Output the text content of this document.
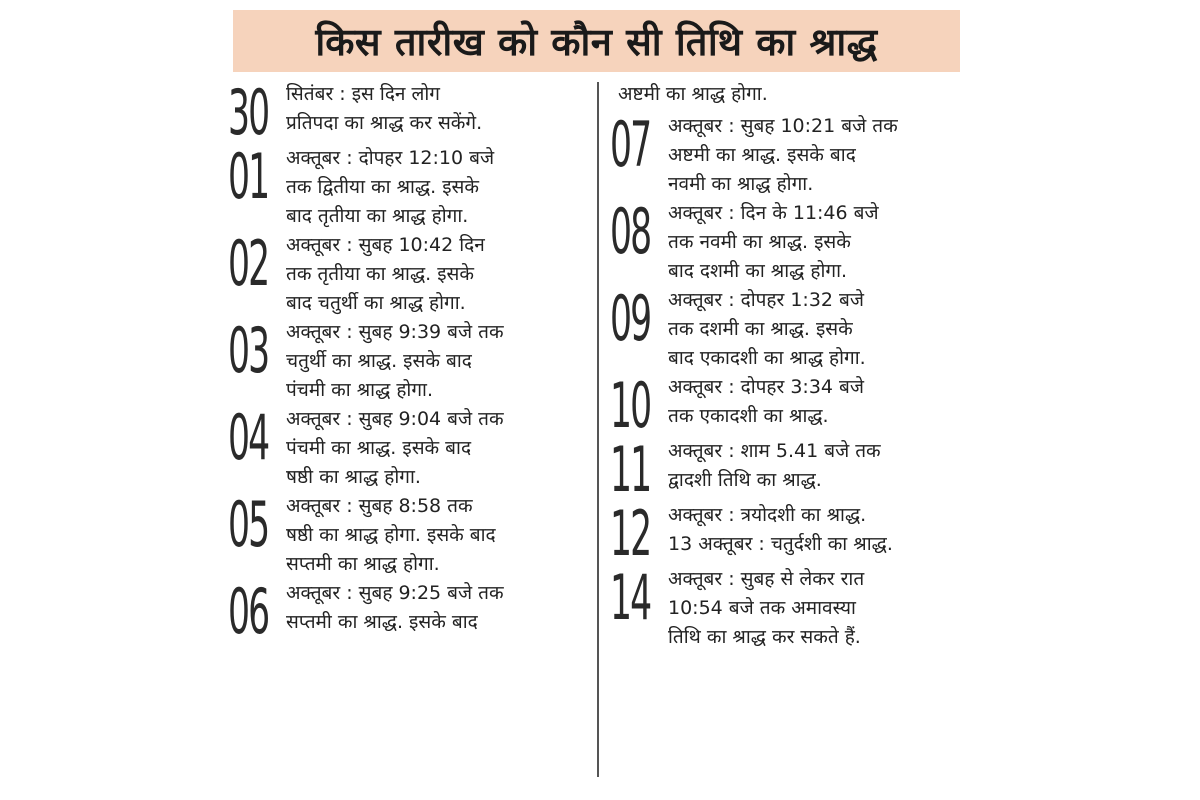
किस तारीख को कौन सी तिथि का श्राद्ध
30 सितंबर : इस दिन लोग
प्रतिपदा का श्राद्ध कर सकेंगे.
01 अक्तूबर : दोपहर 12:10 बजे
तक द्वितीया का श्राद्ध. इसके
बाद तृतीया का श्राद्ध होगा.
02 अक्तूबर : सुबह 10:42 दिन
तक तृतीया का श्राद्ध. इसके
बाद चतुर्थी का श्राद्ध होगा.
03 अक्तूबर : सुबह 9:39 बजे तक
चतुर्थी का श्राद्ध. इसके बाद
पंचमी का श्राद्ध होगा.
04 अक्तूबर : सुबह 9:04 बजे तक
पंचमी का श्राद्ध. इसके बाद
षष्ठी का श्राद्ध होगा.
05 अक्तूबर : सुबह 8:58 तक
षष्ठी का श्राद्ध होगा. इसके बाद
सप्तमी का श्राद्ध होगा.
06 अक्तूबर : सुबह 9:25 बजे तक
सप्तमी का श्राद्ध. इसके बाद
अष्टमी का श्राद्ध होगा.
07 अक्तूबर : सुबह 10:21 बजे तक
अष्टमी का श्राद्ध. इसके बाद
नवमी का श्राद्ध होगा.
08 अक्तूबर : दिन के 11:46 बजे
तक नवमी का श्राद्ध. इसके
बाद दशमी का श्राद्ध होगा.
09 अक्तूबर : दोपहर 1:32 बजे
तक दशमी का श्राद्ध. इसके
बाद एकादशी का श्राद्ध होगा.
10 अक्तूबर : दोपहर 3:34 बजे
तक एकादशी का श्राद्ध.
11 अक्तूबर : शाम 5.41 बजे तक
द्वादशी तिथि का श्राद्ध.
12 अक्तूबर : त्रयोदशी का श्राद्ध.
13 अक्तूबर : चतुर्दशी का श्राद्ध.
14 अक्तूबर : सुबह से लेकर रात
10:54 बजे तक अमावस्या
तिथि का श्राद्ध कर सकते हैं.
